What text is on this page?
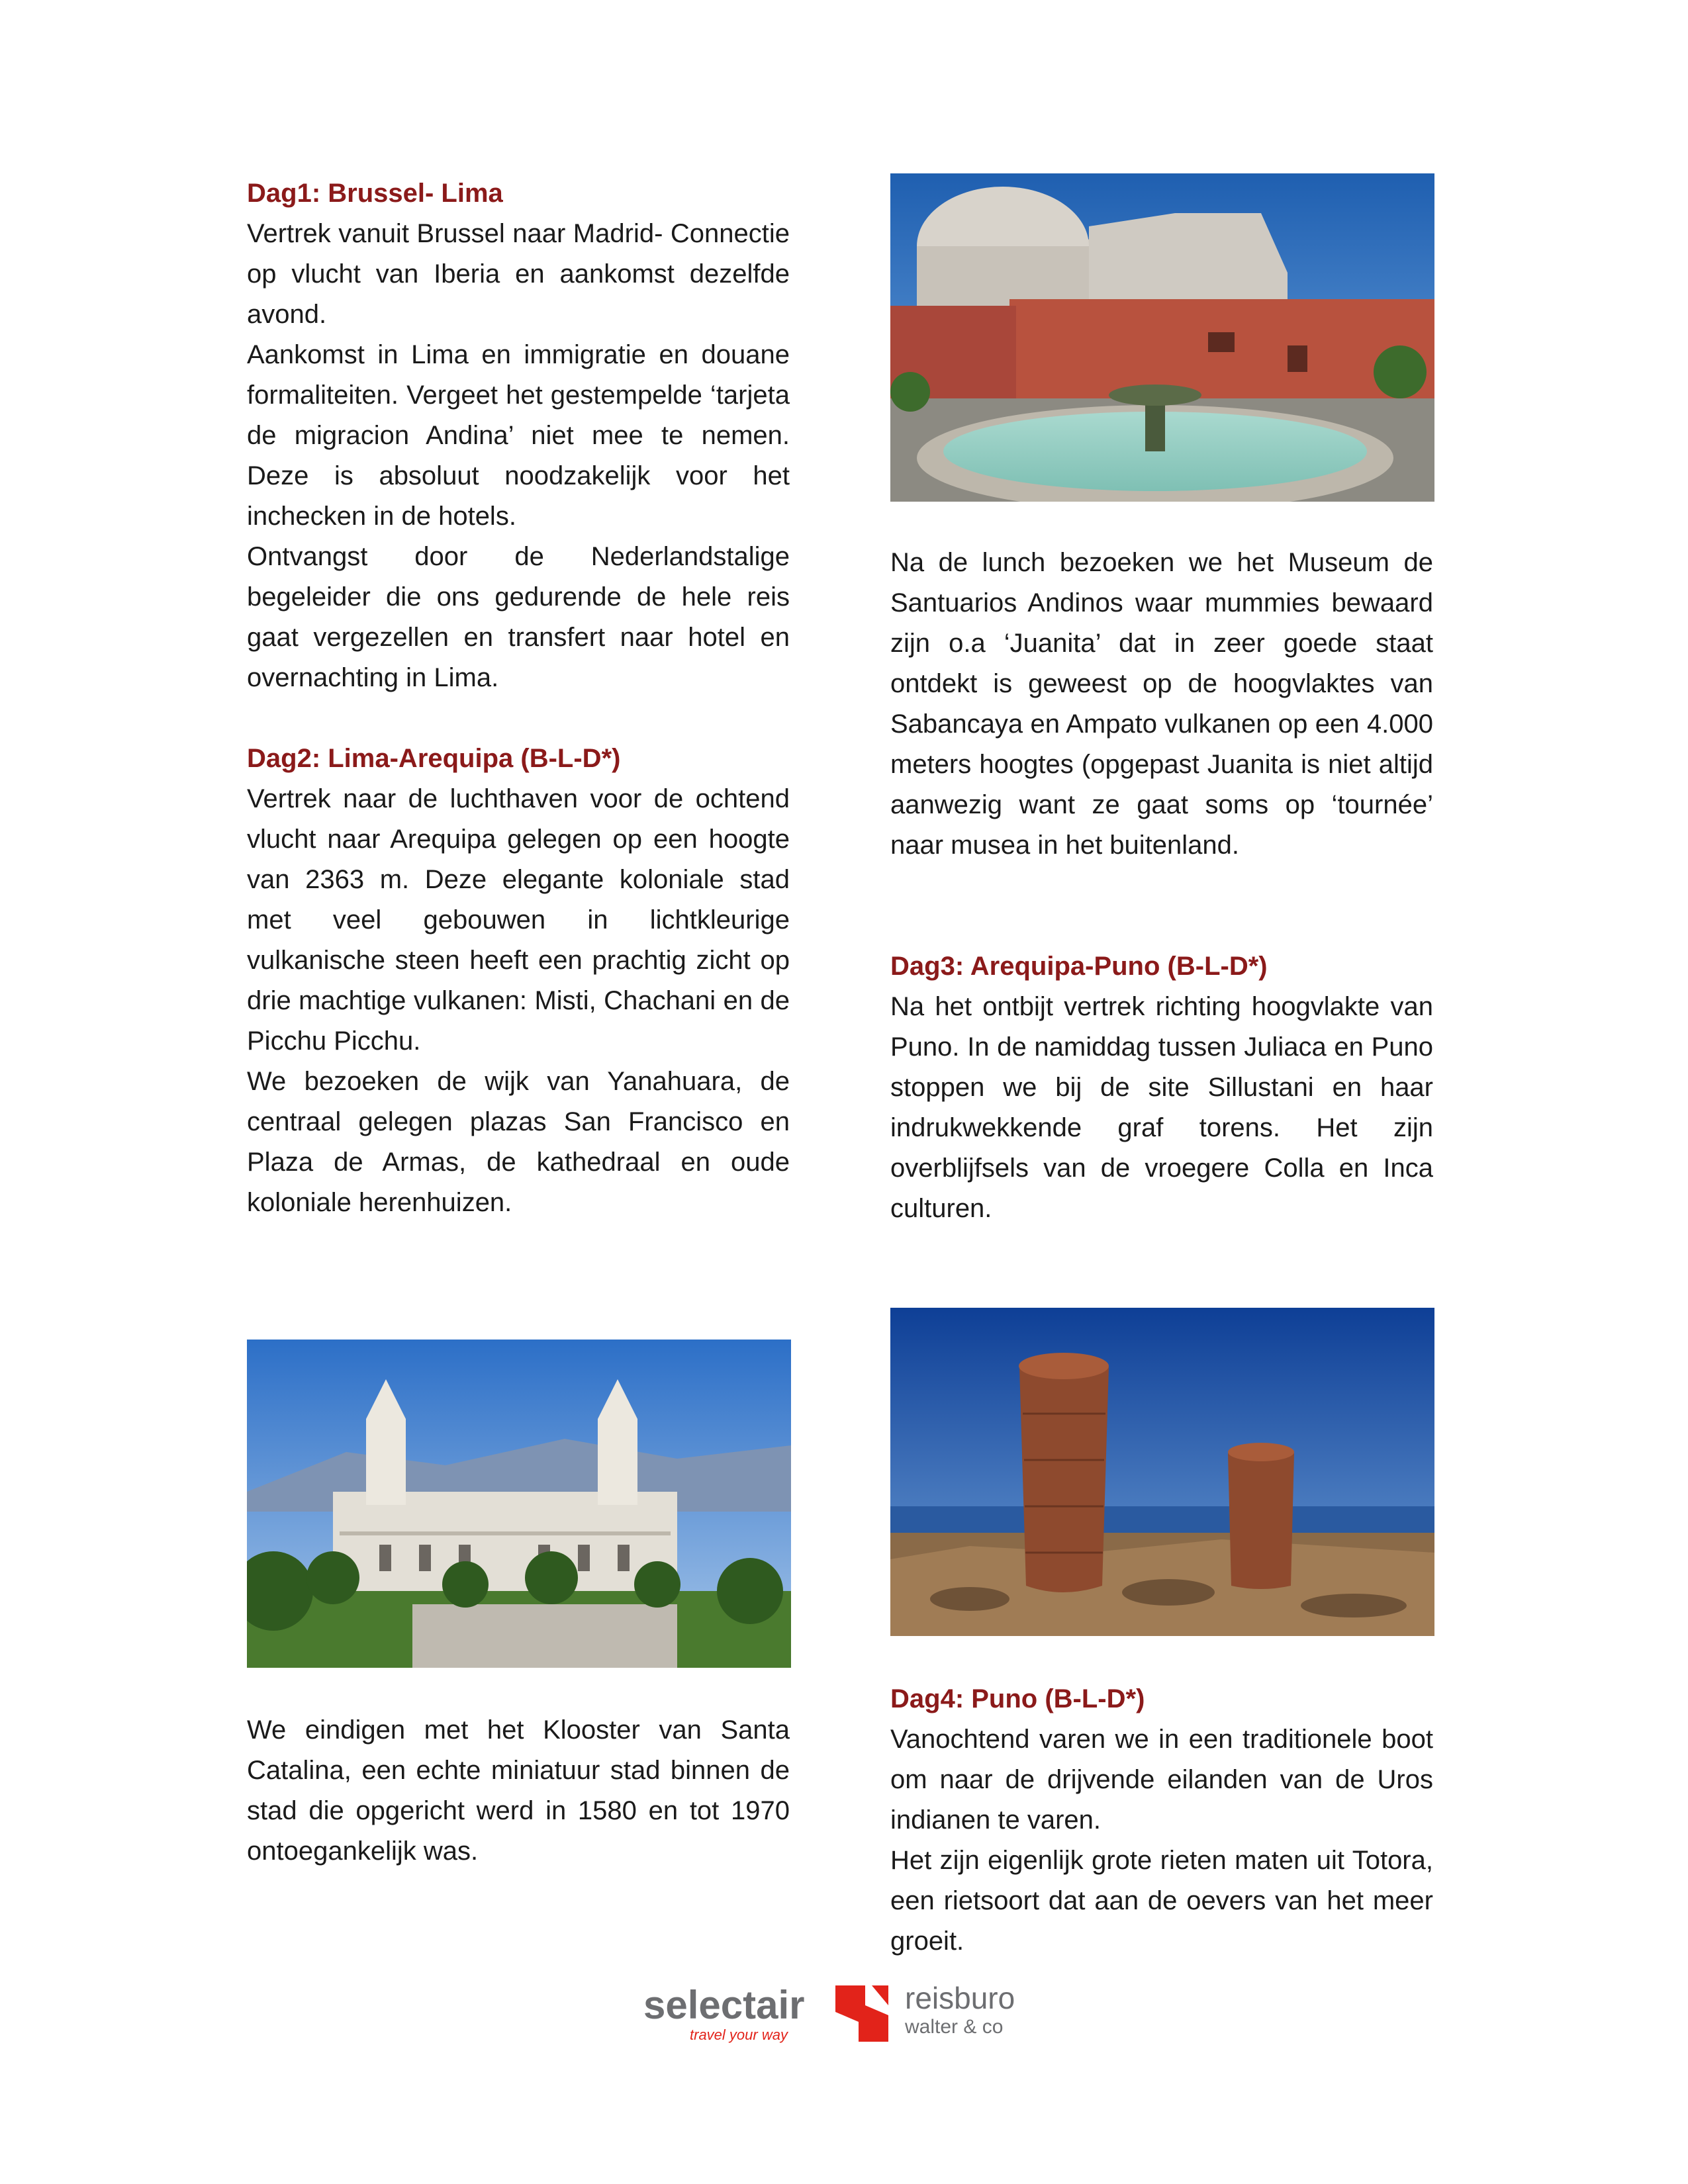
Dag1: Brussel- Lima

Vertrek vanuit Brussel naar Madrid- Connectie op vlucht van Iberia en aankomst dezelfde avond.

Aankomst in Lima en immigratie en douane formaliteiten. Vergeet het gestempelde ‘tarjeta de migracion Andina’ niet mee te nemen. Deze is absoluut noodzakelijk voor het inchecken in de hotels.

Ontvangst door de Nederlandstalige begeleider die ons gedurende de hele reis gaat vergezellen en transfert naar hotel en overnachting in Lima.

Dag2: Lima-Arequipa (B-L-D*)

Vertrek naar de luchthaven voor de ochtend vlucht naar Arequipa gelegen op een hoogte van 2363 m. Deze elegante koloniale stad met veel gebouwen in lichtkleurige vulkanische steen heeft een prachtig zicht op drie machtige vulkanen: Misti, Chachani en de Picchu Picchu.

We bezoeken de wijk van Yanahuara, de centraal gelegen plazas San Francisco en Plaza de Armas, de kathedraal en oude koloniale herenhuizen.

Na de lunch bezoeken we het Museum de Santuarios Andinos waar mummies bewaard zijn o.a ‘Juanita’ dat in zeer goede staat ontdekt is geweest op de hoogvlaktes van Sabancaya en Ampato vulkanen op een 4.000 meters hoogtes (opgepast Juanita is niet altijd aanwezig want ze gaat soms op ‘tournée’ naar musea in het buitenland.

Dag3: Arequipa-Puno (B-L-D*)

Na het ontbijt vertrek richting hoogvlakte van Puno. In de namiddag tussen Juliaca en Puno stoppen we bij de site Sillustani en haar indrukwekkende graf torens. Het zijn overblijfsels van de vroegere Colla en Inca culturen.

We eindigen met het Klooster van Santa Catalina, een echte miniatuur stad binnen de stad die opgericht werd in 1580 en tot 1970 ontoegankelijk was.

Dag4: Puno (B-L-D*)

Vanochtend varen we in een traditionele boot om naar de drijvende eilanden van de Uros indianen te varen.

Het zijn eigenlijk grote rieten maten uit Totora, een rietsoort dat aan de oevers van het meer groeit.

selectair
travel your way
reisburo
walter & co
